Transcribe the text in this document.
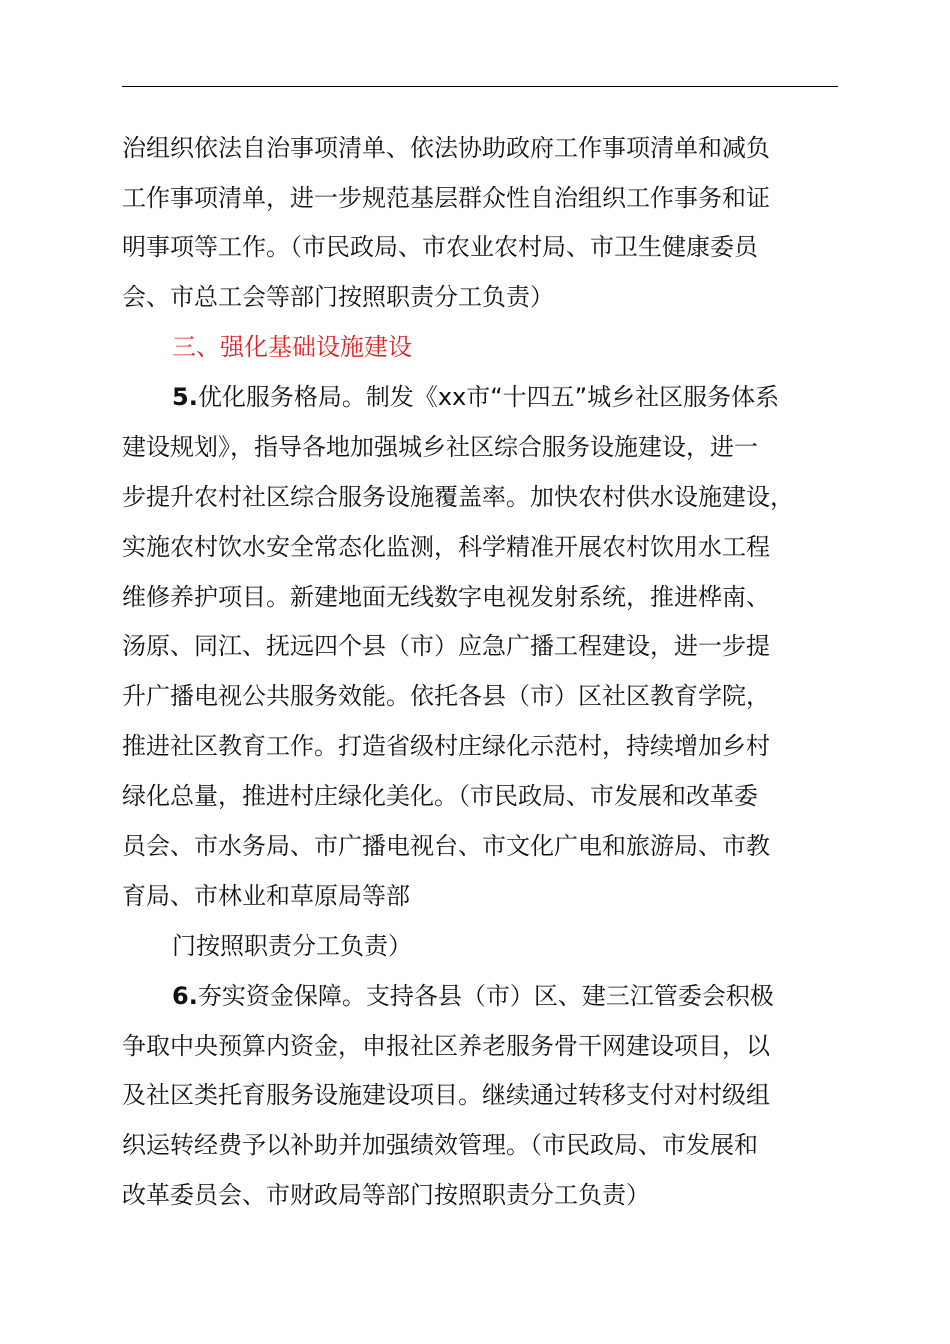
治组织依法自治事项清单、依法协助政府工作事项清单和减负
工作事项清单，进一步规范基层群众性自治组织工作事务和证
明事项等工作。（市民政局、市农业农村局、市卫生健康委员
会、市总工会等部门按照职责分工负责）
三、强化基础设施建设
5.优化服务格局。制发《xx市“十四五”城乡社区服务体系
建设规划》，指导各地加强城乡社区综合服务设施建设，进一
步提升农村社区综合服务设施覆盖率。加快农村供水设施建设，
实施农村饮水安全常态化监测，科学精准开展农村饮用水工程
维修养护项目。新建地面无线数字电视发射系统，推进桦南、
汤原、同江、抚远四个县（市）应急广播工程建设，进一步提
升广播电视公共服务效能。依托各县（市）区社区教育学院，
推进社区教育工作。打造省级村庄绿化示范村，持续增加乡村
绿化总量，推进村庄绿化美化。（市民政局、市发展和改革委
员会、市水务局、市广播电视台、市文化广电和旅游局、市教
育局、市林业和草原局等部
门按照职责分工负责）
6.夯实资金保障。支持各县（市）区、建三江管委会积极
争取中央预算内资金，申报社区养老服务骨干网建设项目，以
及社区类托育服务设施建设项目。继续通过转移支付对村级组
织运转经费予以补助并加强绩效管理。（市民政局、市发展和
改革委员会、市财政局等部门按照职责分工负责）
